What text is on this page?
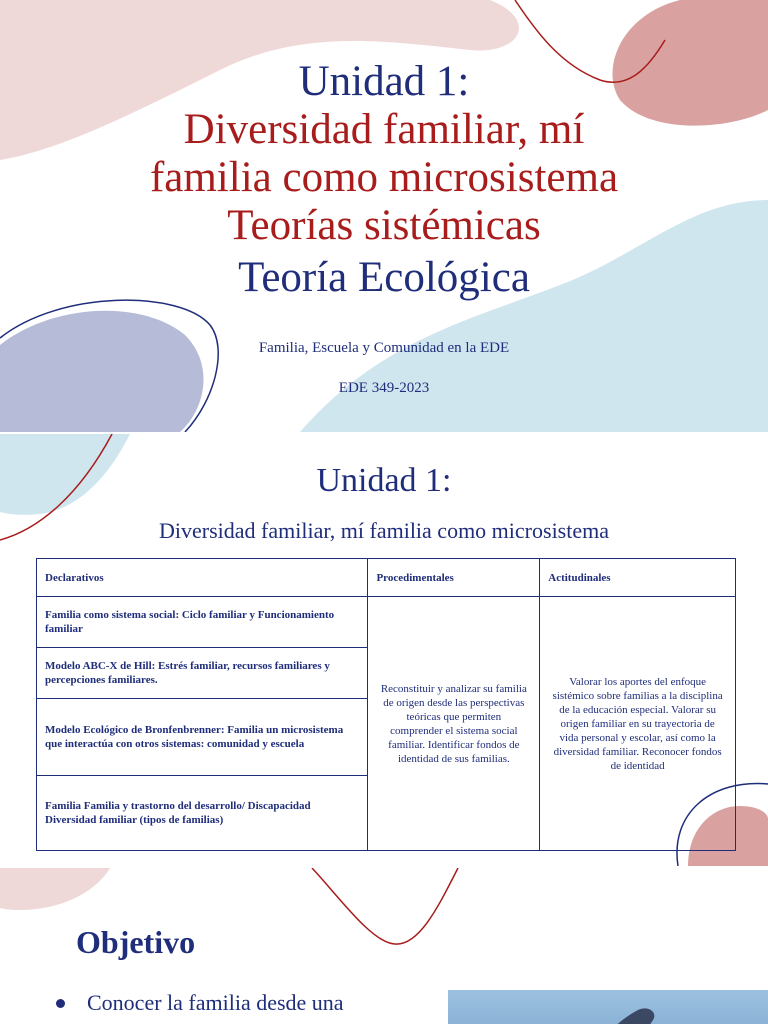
Unidad 1:
Diversidad familiar, mí
familia como microsistema
Teorías sistémicas
Teoría Ecológica
Familia, Escuela y Comunidad en la EDE
EDE 349-2023
Unidad 1:
Diversidad familiar, mí familia como microsistema
Declarativos	Procedimentales	Actitudinales
Familia como sistema social: Ciclo familiar y Funcionamiento familiar	Reconstituir y analizar su familia de origen desde las perspectivas teóricas que permiten comprender el sistema social familiar. Identificar fondos de identidad de sus familias.	Valorar los aportes del enfoque sistémico sobre familias a la disciplina de la educación especial. Valorar su origen familiar en su trayectoria de vida personal y escolar, así como la diversidad familiar. Reconocer fondos de identidad
Modelo ABC-X de Hill: Estrés familiar, recursos familiares y percepciones familiares.		
Modelo Ecológico de Bronfenbrenner: Familia un microsistema que interactúa con otros sistemas: comunidad y escuela		
Familia Familia y trastorno del desarrollo/ Discapacidad Diversidad familiar (tipos de familias)		
Objetivo
Conocer la familia desde una
